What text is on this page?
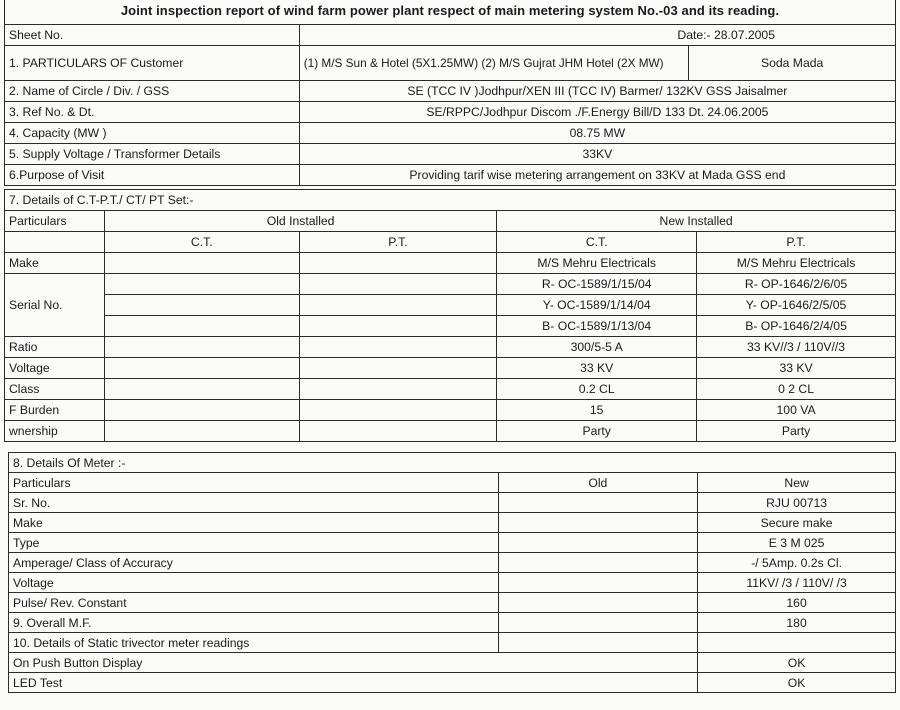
Joint inspection report of wind farm power plant respect of main metering system No.-03 and its reading.
Sheet No.	Date:- 28.07.2005	
1. PARTICULARS OF Customer	(1) M/S Sun & Hotel (5X1.25MW) (2) M/S Gujrat JHM Hotel (2X MW)	Soda Mada
2. Name of Circle / Div. / GSS	SE (TCC IV )Jodhpur/XEN III (TCC IV) Barmer/ 132KV GSS Jaisalmer	
3. Ref No. & Dt.	SE/RPPC/Jodhpur Discom ./F.Energy Bill/D 133 Dt. 24.06.2005	
4. Capacity (MW )	08.75 MW	
5. Supply Voltage / Transformer Details	33KV	
6.Purpose of Visit	Providing tarif wise metering arrangement on 33KV at Mada GSS end	
7. Details of C.T-P.T./ CT/ PT Set:-				
Particulars	Old Installed		New Installed	
	C.T.	P.T.	C.T.	P.T.
Make			M/S Mehru Electricals	M/S Mehru Electricals
Serial No.			R- OC-1589/1/15/04	R- OP-1646/2/6/05
			Y- OC-1589/1/14/04	Y- OP-1646/2/5/05
			B- OC-1589/1/13/04	B- OP-1646/2/4/05
Ratio			300/5-5 A	33 KV//3 / 110V//3
Voltage			33 KV	33 KV
Class			0.2 CL	0 2 CL
F Burden			15	100 VA
wnership			Party	Party
8. Details Of Meter :-		
Particulars	Old	New
Sr. No.		RJU 00713
Make		Secure make
Type		E 3 M 025
Amperage/ Class of Accuracy		-/ 5Amp. 0.2s Cl.
Voltage		11KV/ /3 / 110V/ /3
Pulse/ Rev. Constant		160
9. Overall M.F.		180
10. Details of Static trivector meter readings		
On Push Button Display		OK
LED Test		OK
